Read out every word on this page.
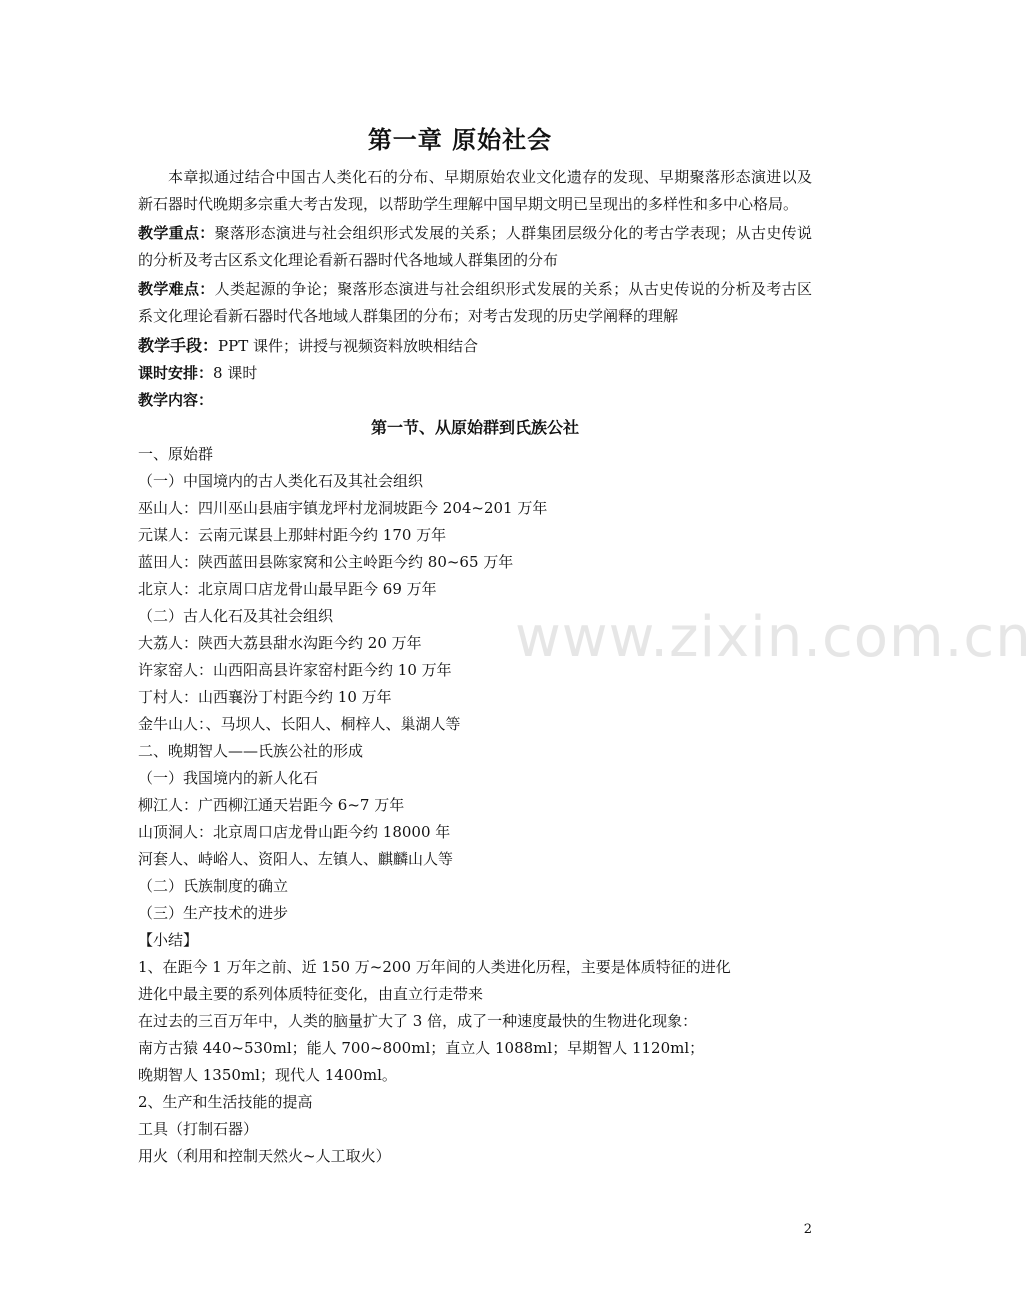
第一章 原始社会

本章拟通过结合中国古人类化石的分布、早期原始农业文化遗存的发现、早期聚落形态演进以及新石器时代晚期多宗重大考古发现，以帮助学生理解中国早期文明已呈现出的多样性和多中心格局。

教学重点：聚落形态演进与社会组织形式发展的关系；人群集团层级分化的考古学表现；从古史传说的分析及考古区系文化理论看新石器时代各地域人群集团的分布

教学难点：人类起源的争论；聚落形态演进与社会组织形式发展的关系；从古史传说的分析及考古区系文化理论看新石器时代各地域人群集团的分布；对考古发现的历史学阐释的理解

教学手段：PPT 课件；讲授与视频资料放映相结合

课时安排：8 课时

教学内容：

第一节、从原始群到氏族公社

一、原始群

（一）中国境内的古人类化石及其社会组织

巫山人：四川巫山县庙宇镇龙坪村龙洞坡距今 204~201 万年

元谋人：云南元谋县上那蚌村距今约 170 万年

蓝田人：陕西蓝田县陈家窝和公主岭距今约 80~65 万年

北京人：北京周口店龙骨山最早距今 69 万年

（二）古人化石及其社会组织

大荔人：陕西大荔县甜水沟距今约 20 万年

许家窑人：山西阳高县许家窑村距今约 10 万年

丁村人：山西襄汾丁村距今约 10 万年

金牛山人：、马坝人、长阳人、桐梓人、巢湖人等

二、晚期智人——氏族公社的形成

（一）我国境内的新人化石

柳江人：广西柳江通天岩距今 6~7 万年

山顶洞人：北京周口店龙骨山距今约 18000 年

河套人、峙峪人、资阳人、左镇人、麒麟山人等

（二）氏族制度的确立

（三）生产技术的进步

【小结】

1、在距今 1 万年之前、近 150 万~200 万年间的人类进化历程，主要是体质特征的进化

进化中最主要的系列体质特征变化，由直立行走带来

在过去的三百万年中，人类的脑量扩大了 3 倍，成了一种速度最快的生物进化现象：

南方古猿 440~530ml；能人 700~800ml；直立人 1088ml；早期智人 1120ml；

晚期智人 1350ml；现代人 1400ml。

2、生产和生活技能的提高

工具（打制石器）

用火（利用和控制天然火~人工取火）

www.zixin.com.cn
2
